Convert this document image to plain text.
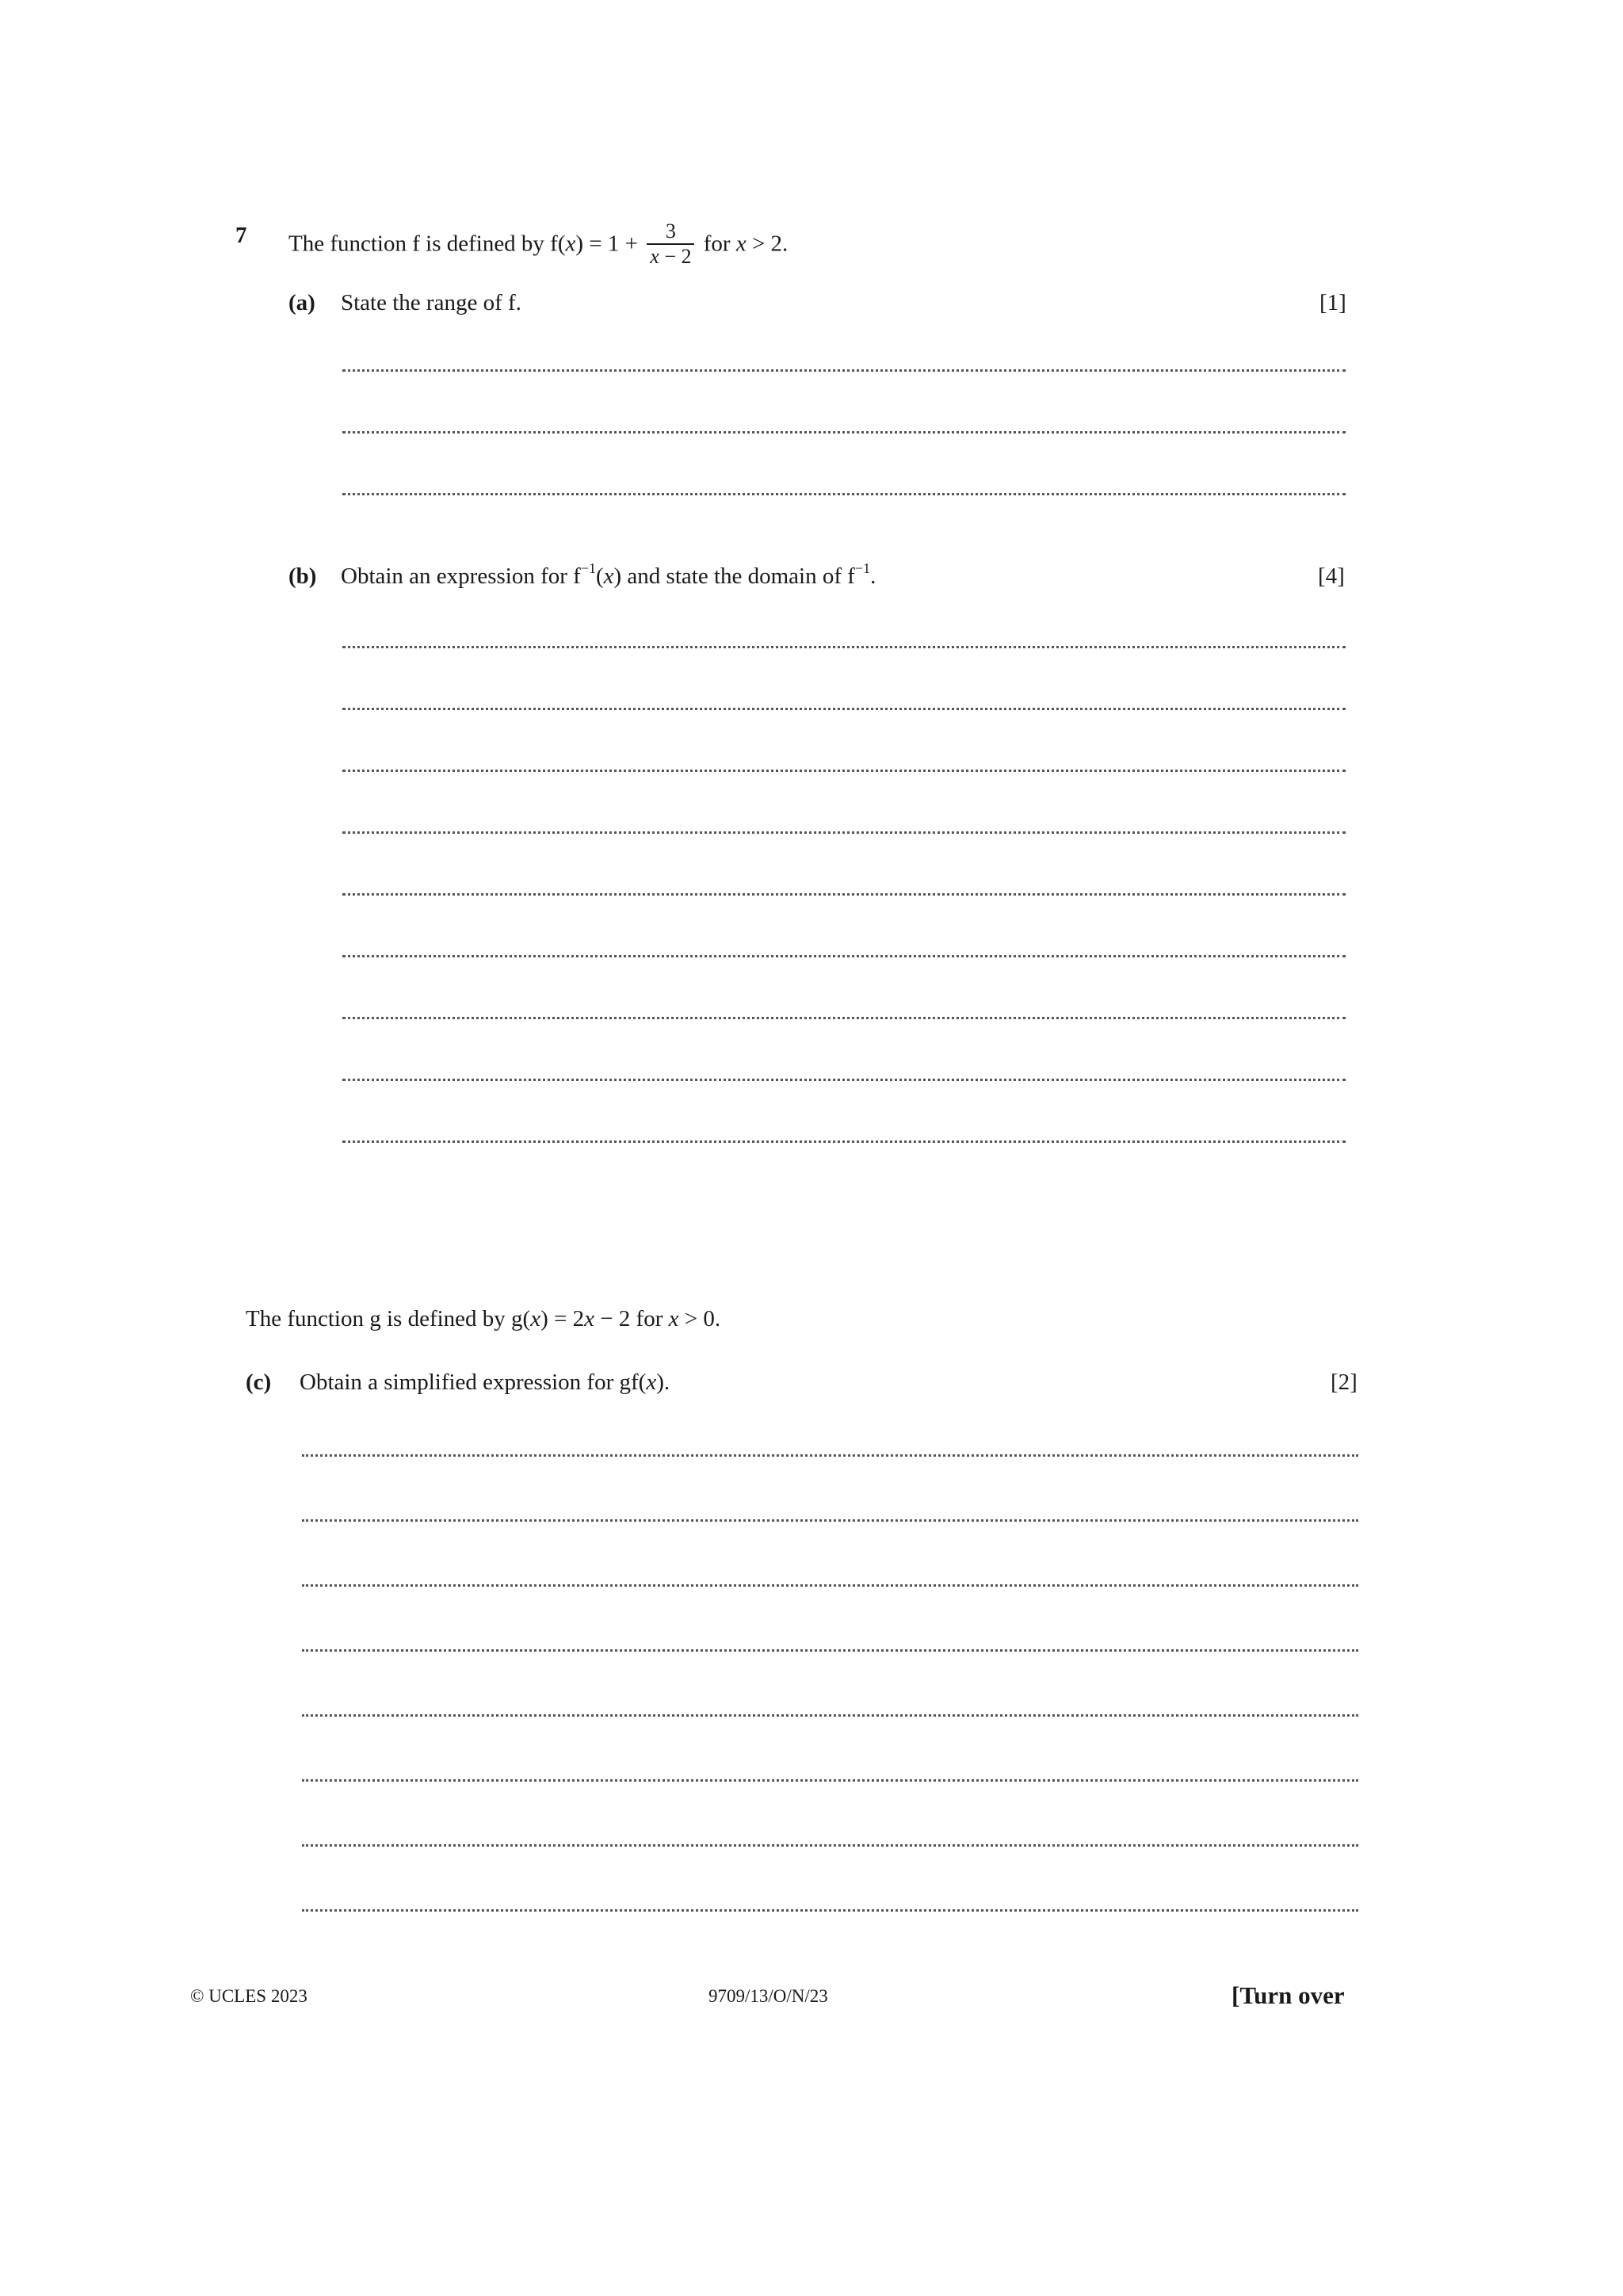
7 The function f is defined by $f(x) = 1 + \frac{3}{x - 2}$ for x > 2.
(a) State the range of f.	[1]
(b) Obtain an expression for $f^{-1}(x)$ and state the domain of $f^{-1}$.	[4]
The function g is defined by g(x) = 2x − 2 for x > 0.
(c) Obtain a simplified expression for gf(x).	[2]
© UCLES 2023	9709/13/O/N/23	[Turn over
